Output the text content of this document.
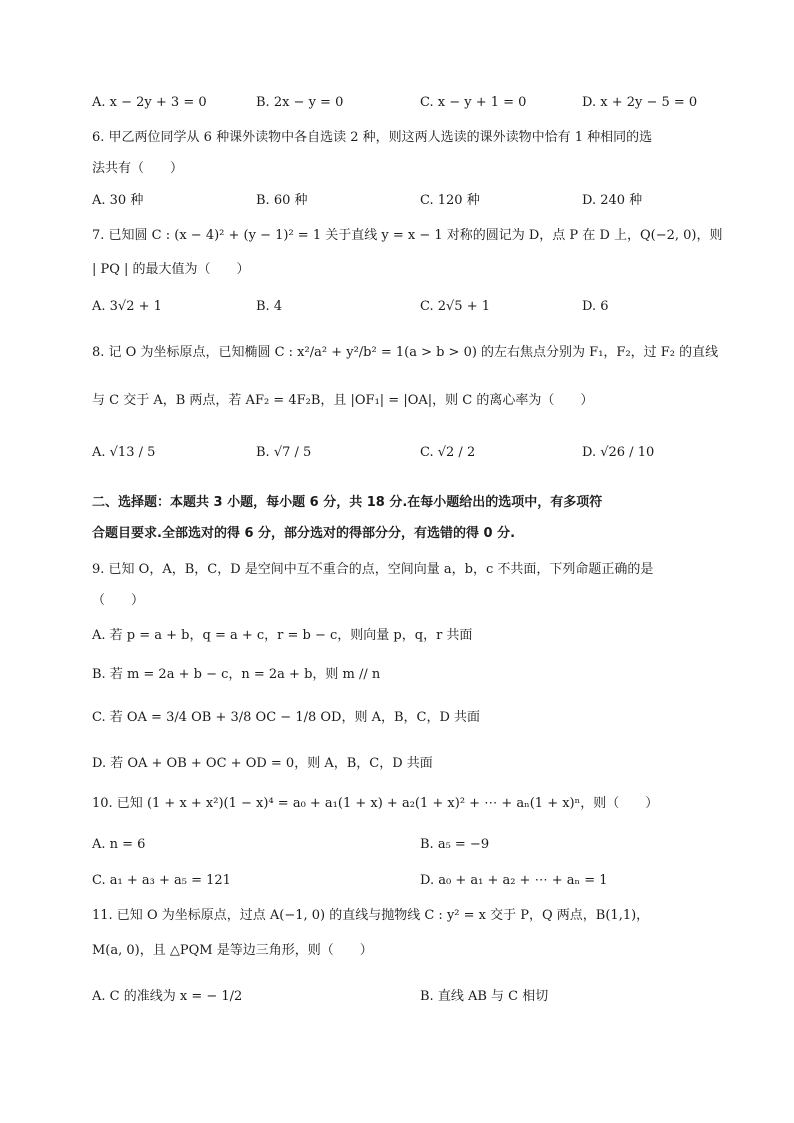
A. x − 2y + 3 = 0	B. 2x − y = 0	C. x − y + 1 = 0	D. x + 2y − 5 = 0
6. 甲乙两位同学从 6 种课外读物中各自选读 2 种，则这两人选读的课外读物中恰有 1 种相同的选
法共有（　　）
A. 30 种	B. 60 种	C. 120 种	D. 240 种
7. 已知圆 C : (x − 4)² + (y − 1)² = 1 关于直线 y = x − 1 对称的圆记为 D，点 P 在 D 上，Q(−2, 0)，则
| PQ | 的最大值为（　　）
A. 3√2 + 1	B. 4	C. 2√5 + 1	D. 6
8. 记 O 为坐标原点，已知椭圆 C : x²/a² + y²/b² = 1(a > b > 0) 的左右焦点分别为 F₁，F₂，过 F₂ 的直线
与 C 交于 A，B 两点，若 AF₂ = 4F₂B，且 |OF₁| = |OA|，则 C 的离心率为（　　）
A. √13 / 5	B. √7 / 5	C. √2 / 2	D. √26 / 10
二、选择题：本题共 3 小题，每小题 6 分，共 18 分.在每小题给出的选项中，有多项符
合题目要求.全部选对的得 6 分，部分选对的得部分分，有选错的得 0 分.
9. 已知 O，A，B，C，D 是空间中互不重合的点，空间向量 a，b，c 不共面，下列命题正确的是
（　　）
A. 若 p = a + b，q = a + c，r = b − c，则向量 p，q，r 共面
B. 若 m = 2a + b − c，n = 2a + b，则 m // n
C. 若 OA = 3/4 OB + 3/8 OC − 1/8 OD，则 A，B，C，D 共面
D. 若 OA + OB + OC + OD = 0，则 A，B，C，D 共面
10. 已知 (1 + x + x²)(1 − x)⁴ = a₀ + a₁(1 + x) + a₂(1 + x)² + ⋯ + aₙ(1 + x)ⁿ，则（　　）
A. n = 6	B. a₅ = −9
C. a₁ + a₃ + a₅ = 121	D. a₀ + a₁ + a₂ + ⋯ + aₙ = 1
11. 已知 O 为坐标原点，过点 A(−1, 0) 的直线与抛物线 C : y² = x 交于 P，Q 两点，B(1,1)，
M(a, 0)，且 △PQM 是等边三角形，则（　　）
A. C 的准线为 x = − 1/2	B. 直线 AB 与 C 相切
